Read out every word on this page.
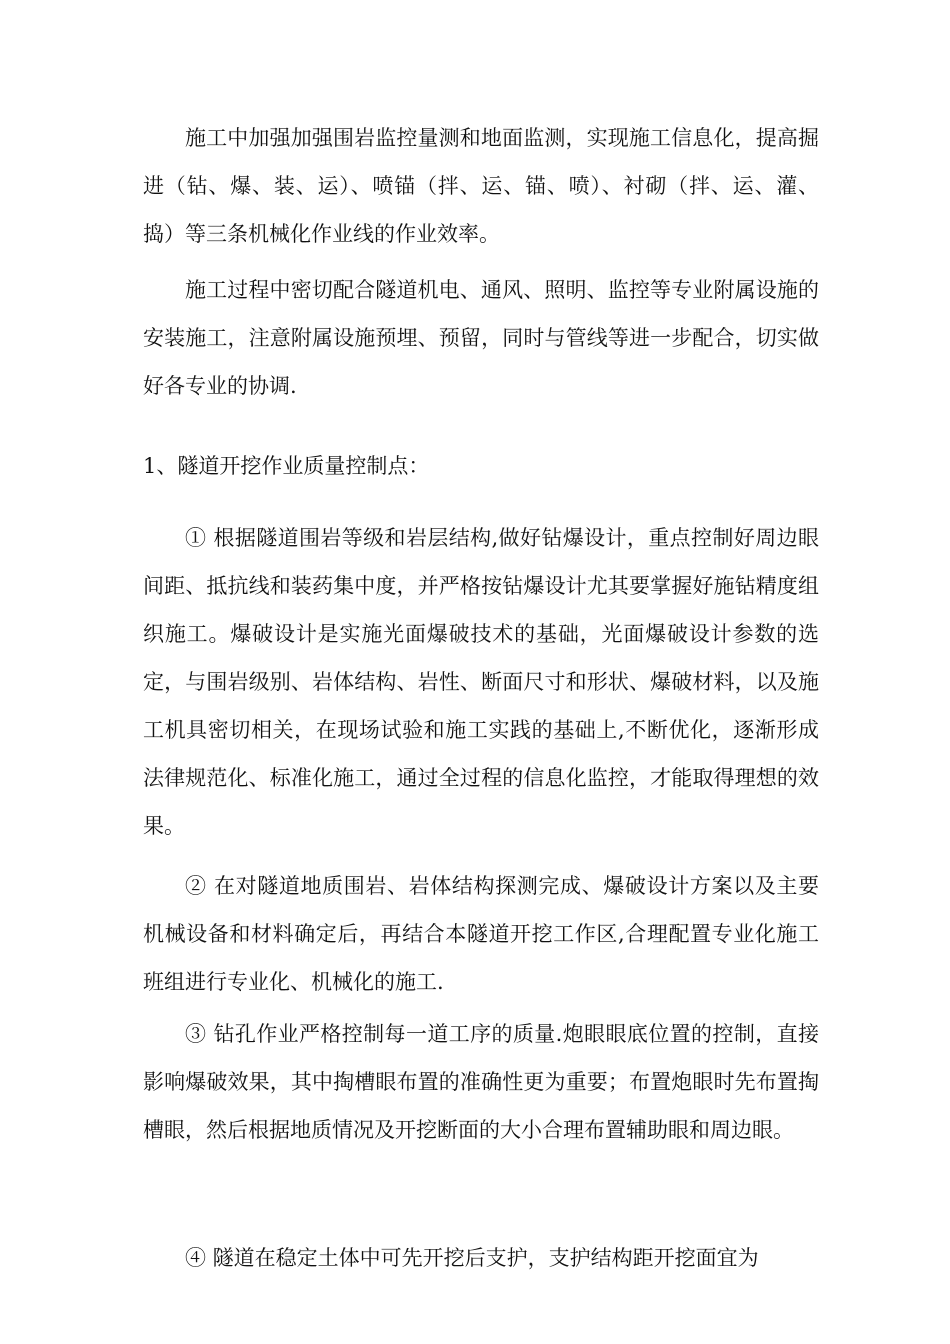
施工中加强加强围岩监控量测和地面监测，实现施工信息化，提高掘进（钻、爆、装、运）、喷锚（拌、运、锚、喷）、衬砌（拌、运、灌、捣）等三条机械化作业线的作业效率。

施工过程中密切配合隧道机电、通风、照明、监控等专业附属设施的安装施工，注意附属设施预埋、预留，同时与管线等进一步配合，切实做好各专业的协调.

1、隧道开挖作业质量控制点：

① 根据隧道围岩等级和岩层结构,做好钻爆设计，重点控制好周边眼间距、抵抗线和装药集中度，并严格按钻爆设计尤其要掌握好施钻精度组织施工。爆破设计是实施光面爆破技术的基础，光面爆破设计参数的选定，与围岩级别、岩体结构、岩性、断面尺寸和形状、爆破材料，以及施工机具密切相关，在现场试验和施工实践的基础上,不断优化，逐渐形成法律规范化、标准化施工，通过全过程的信息化监控，才能取得理想的效果。

② 在对隧道地质围岩、岩体结构探测完成、爆破设计方案以及主要机械设备和材料确定后，再结合本隧道开挖工作区,合理配置专业化施工班组进行专业化、机械化的施工.

③ 钻孔作业严格控制每一道工序的质量.炮眼眼底位置的控制，直接影响爆破效果，其中掏槽眼布置的准确性更为重要；布置炮眼时先布置掏槽眼，然后根据地质情况及开挖断面的大小合理布置辅助眼和周边眼。

④ 隧道在稳定土体中可先开挖后支护，支护结构距开挖面宜为
